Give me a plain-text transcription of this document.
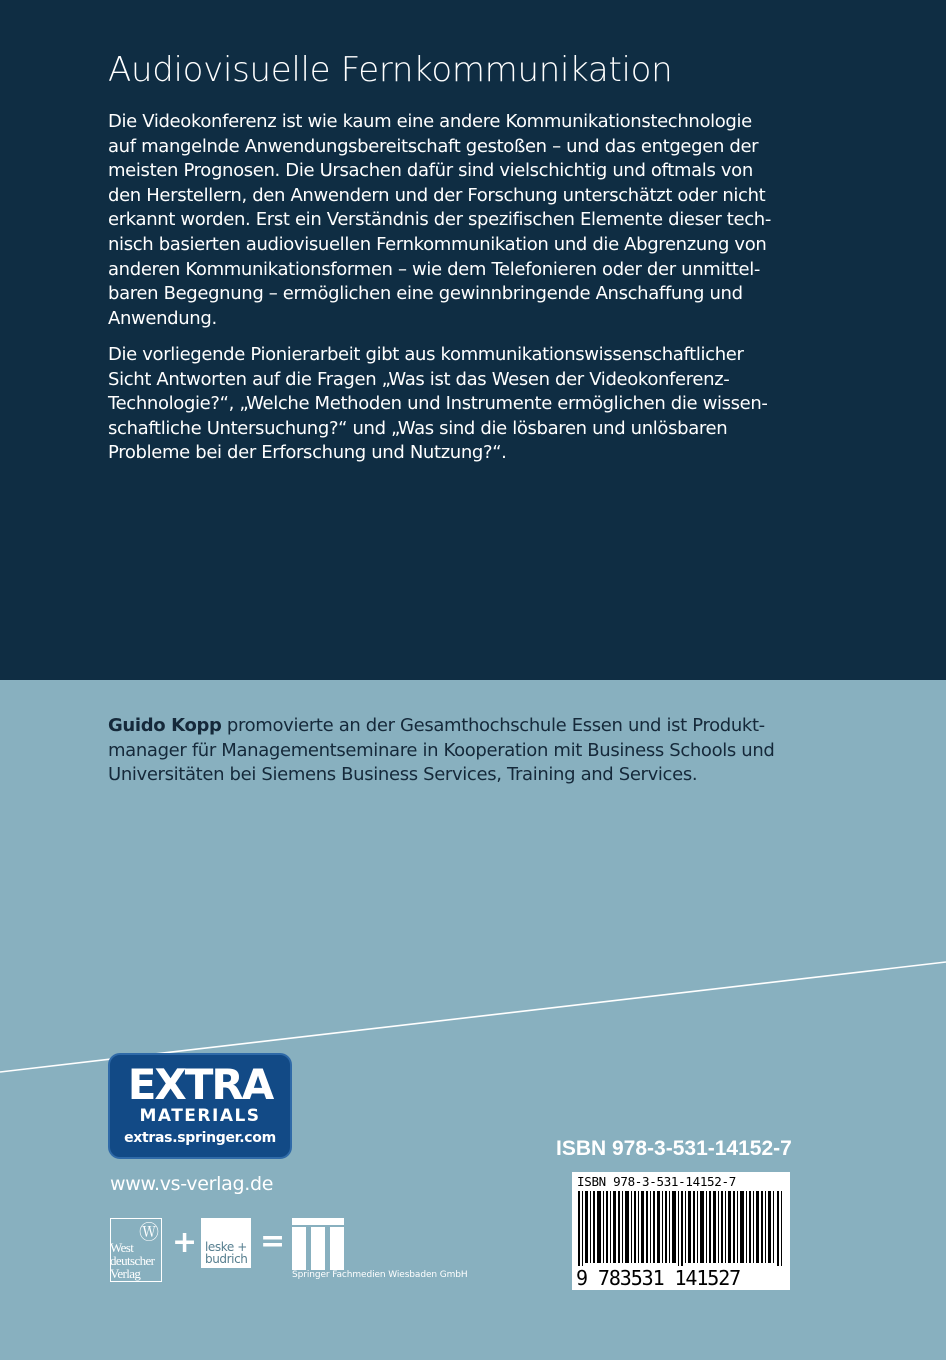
Audiovisuelle Fernkommunikation
Die Videokonferenz ist wie kaum eine andere Kommunikationstechnologie
auf mangelnde Anwendungsbereitschaft gestoßen – und das entgegen der
meisten Prognosen. Die Ursachen dafür sind vielschichtig und oftmals von
den Herstellern, den Anwendern und der Forschung unterschätzt oder nicht
erkannt worden. Erst ein Verständnis der spezifischen Elemente dieser tech-
nisch basierten audiovisuellen Fernkommunikation und die Abgrenzung von
anderen Kommunikationsformen – wie dem Telefonieren oder der unmittel-
baren Begegnung – ermöglichen eine gewinnbringende Anschaffung und
Anwendung.
Die vorliegende Pionierarbeit gibt aus kommunikationswissenschaftlicher
Sicht Antworten auf die Fragen „Was ist das Wesen der Videokonferenz-
Technologie?“, „Welche Methoden und Instrumente ermöglichen die wissen-
schaftliche Untersuchung?“ und „Was sind die lösbaren und unlösbaren
Probleme bei der Erforschung und Nutzung?“.
Guido Kopp promovierte an der Gesamthochschule Essen und ist Produkt-
manager für Managementseminare in Kooperation mit Business Schools und
Universitäten bei Siemens Business Services, Training and Services.
EXTRA
MATERIALS
extras.springer.com
www.vs-verlag.de
Ⓦ
West
deutscher
Verlag
+ leske +
budrich =
Springer Fachmedien Wiesbaden GmbH
ISBN 978-3-531-14152-7
ISBN 978-3-531-14152-7
9 783531 141527
